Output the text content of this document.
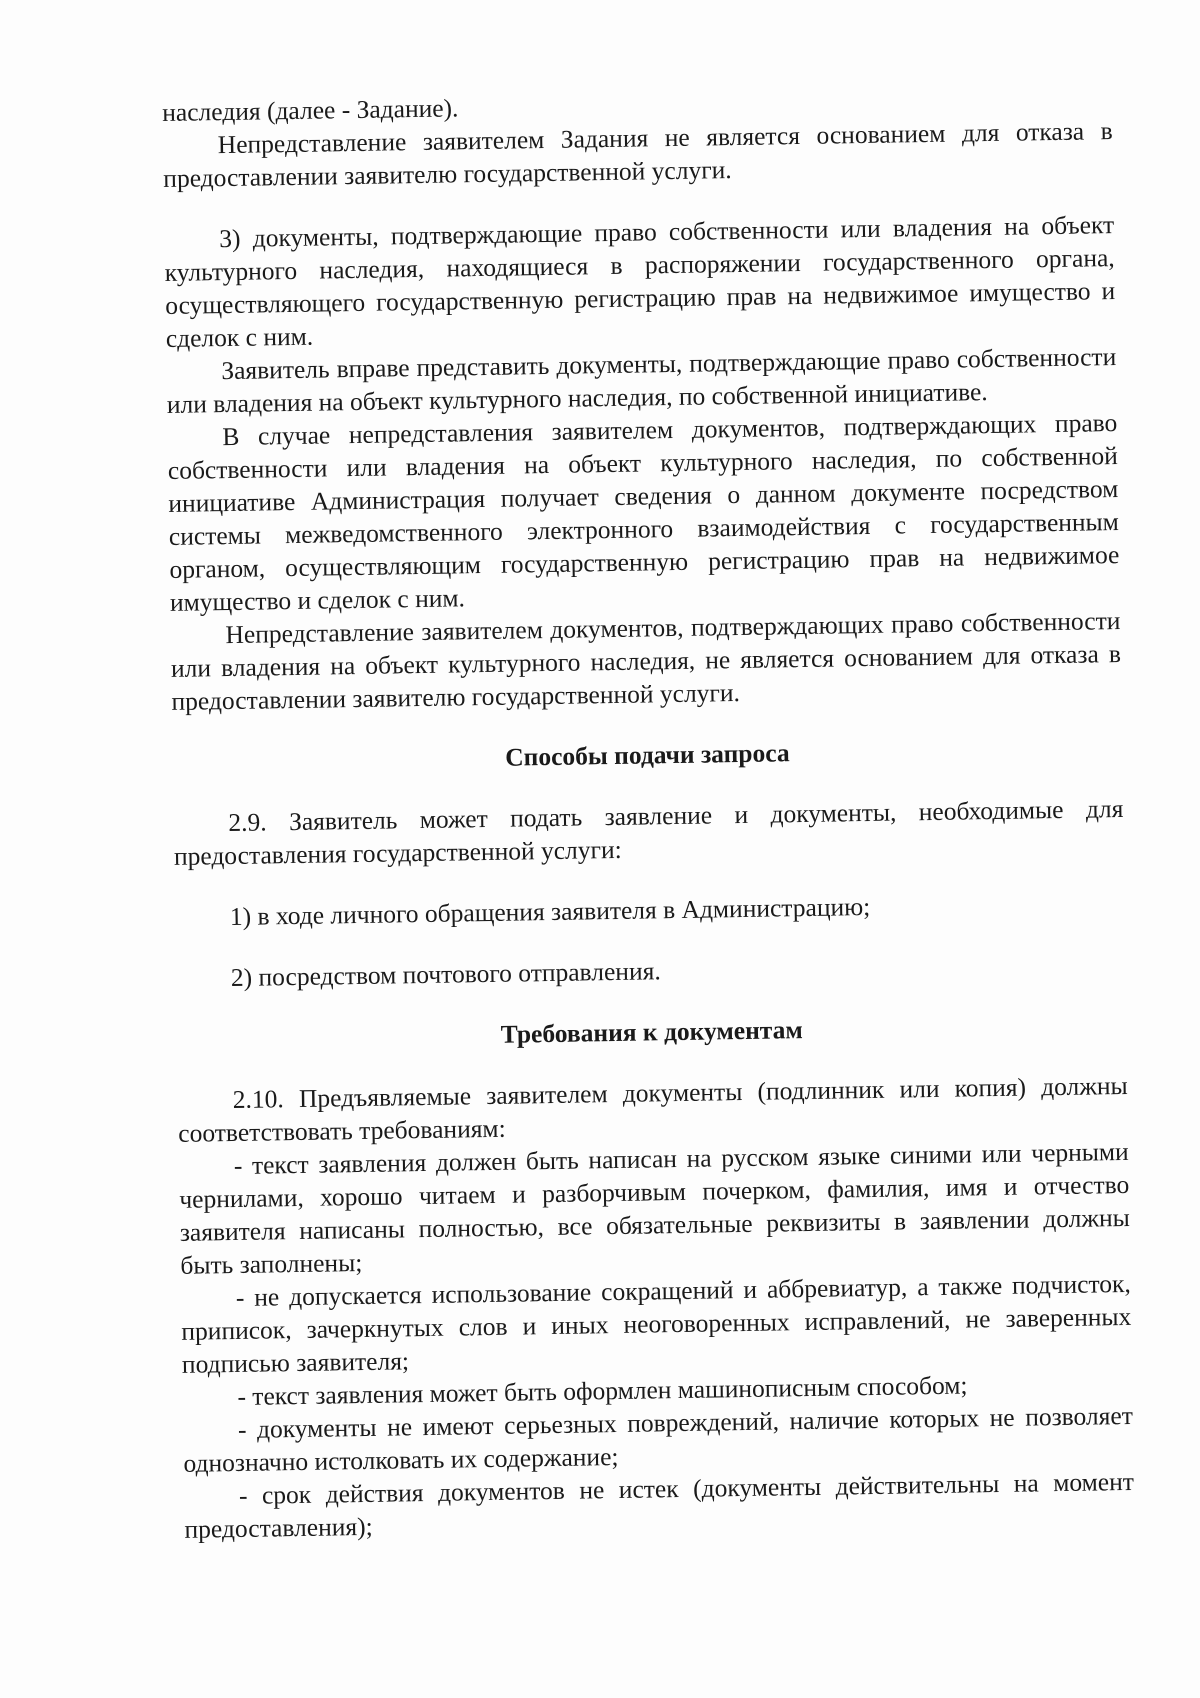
наследия (далее - Задание).

Непредставление заявителем Задания не является основанием для отказа в предоставлении заявителю государственной услуги.

3) документы, подтверждающие право собственности или владения на объект культурного наследия, находящиеся в распоряжении государственного органа, осуществляющего государственную регистрацию прав на недвижимое имущество и сделок с ним.

Заявитель вправе представить документы, подтверждающие право собственности или владения на объект культурного наследия, по собственной инициативе.

В случае непредставления заявителем документов, подтверждающих право собственности или владения на объект культурного наследия, по собственной инициативе Администрация получает сведения о данном документе посредством системы межведомственного электронного взаимодействия с государственным органом, осуществляющим государственную регистрацию прав на недвижимое имущество и сделок с ним.

Непредставление заявителем документов, подтверждающих право собственности или владения на объект культурного наследия, не является основанием для отказа в предоставлении заявителю государственной услуги.

Способы подачи запроса

2.9. Заявитель может подать заявление и документы, необходимые для предоставления государственной услуги:

1) в ходе личного обращения заявителя в Администрацию;

2) посредством почтового отправления.

Требования к документам

2.10. Предъявляемые заявителем документы (подлинник или копия) должны соответствовать требованиям:

- текст заявления должен быть написан на русском языке синими или черными чернилами, хорошо читаем и разборчивым почерком, фамилия, имя и отчество заявителя написаны полностью, все обязательные реквизиты в заявлении должны быть заполнены;

- не допускается использование сокращений и аббревиатур, а также подчисток, приписок, зачеркнутых слов и иных неоговоренных исправлений, не заверенных подписью заявителя;

- текст заявления может быть оформлен машинописным способом;

- документы не имеют серьезных повреждений, наличие которых не позволяет однозначно истолковать их содержание;

- срок действия документов не истек (документы действительны на момент предоставления);
